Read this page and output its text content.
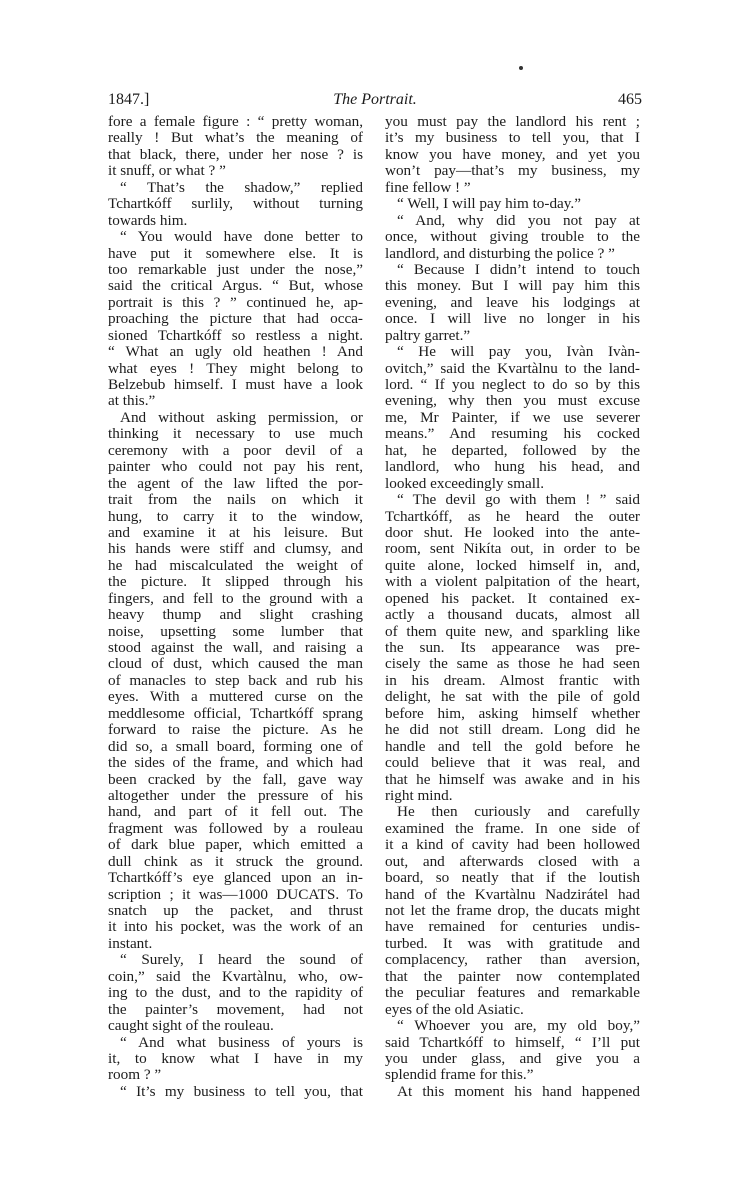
The Portrait.
1847.]	465
fore a female figure : “ pretty woman,
really ! But what’s the meaning of
that black, there, under her nose ? is
it snuff, or what ? ”
“ That’s the shadow,” replied
Tchartkóff surlily, without turning
towards him.
“ You would have done better to
have put it somewhere else. It is
too remarkable just under the nose,”
said the critical Argus. “ But, whose
portrait is this ? ” continued he, ap-
proaching the picture that had occa-
sioned Tchartkóff so restless a night.
“ What an ugly old heathen ! And
what eyes ! They might belong to
Belzebub himself. I must have a look
at this.”
And without asking permission, or
thinking it necessary to use much
ceremony with a poor devil of a
painter who could not pay his rent,
the agent of the law lifted the por-
trait from the nails on which it
hung, to carry it to the window,
and examine it at his leisure. But
his hands were stiff and clumsy, and
he had miscalculated the weight of
the picture. It slipped through his
fingers, and fell to the ground with a
heavy thump and slight crashing
noise, upsetting some lumber that
stood against the wall, and raising a
cloud of dust, which caused the man
of manacles to step back and rub his
eyes. With a muttered curse on the
meddlesome official, Tchartkóff sprang
forward to raise the picture. As he
did so, a small board, forming one of
the sides of the frame, and which had
been cracked by the fall, gave way
altogether under the pressure of his
hand, and part of it fell out. The
fragment was followed by a rouleau
of dark blue paper, which emitted a
dull chink as it struck the ground.
Tchartkóff’s eye glanced upon an in-
scription ; it was—1000 DUCATS. To
snatch up the packet, and thrust
it into his pocket, was the work of an
instant.
“ Surely, I heard the sound of
coin,” said the Kvartàlnu, who, ow-
ing to the dust, and to the rapidity of
the painter’s movement, had not
caught sight of the rouleau.
“ And what business of yours is
it, to know what I have in my
room ? ”
“ It’s my business to tell you, that
you must pay the landlord his rent ;
it’s my business to tell you, that I
know you have money, and yet you
won’t pay—that’s my business, my
fine fellow ! ”
“ Well, I will pay him to-day.”
“ And, why did you not pay at
once, without giving trouble to the
landlord, and disturbing the police ? ”
“ Because I didn’t intend to touch
this money. But I will pay him this
evening, and leave his lodgings at
once. I will live no longer in his
paltry garret.”
“ He will pay you, Ivàn Ivàn-
ovitch,” said the Kvartàlnu to the land-
lord. “ If you neglect to do so by this
evening, why then you must excuse
me, Mr Painter, if we use severer
means.” And resuming his cocked
hat, he departed, followed by the
landlord, who hung his head, and
looked exceedingly small.
“ The devil go with them ! ” said
Tchartkóff, as he heard the outer
door shut. He looked into the ante-
room, sent Nikíta out, in order to be
quite alone, locked himself in, and,
with a violent palpitation of the heart,
opened his packet. It contained ex-
actly a thousand ducats, almost all
of them quite new, and sparkling like
the sun. Its appearance was pre-
cisely the same as those he had seen
in his dream. Almost frantic with
delight, he sat with the pile of gold
before him, asking himself whether
he did not still dream. Long did he
handle and tell the gold before he
could believe that it was real, and
that he himself was awake and in his
right mind.
He then curiously and carefully
examined the frame. In one side of
it a kind of cavity had been hollowed
out, and afterwards closed with a
board, so neatly that if the loutish
hand of the Kvartàlnu Nadzirátel had
not let the frame drop, the ducats might
have remained for centuries undis-
turbed. It was with gratitude and
complacency, rather than aversion,
that the painter now contemplated
the peculiar features and remarkable
eyes of the old Asiatic.
“ Whoever you are, my old boy,”
said Tchartkóff to himself, “ I’ll put
you under glass, and give you a
splendid frame for this.”
At this moment his hand happened
